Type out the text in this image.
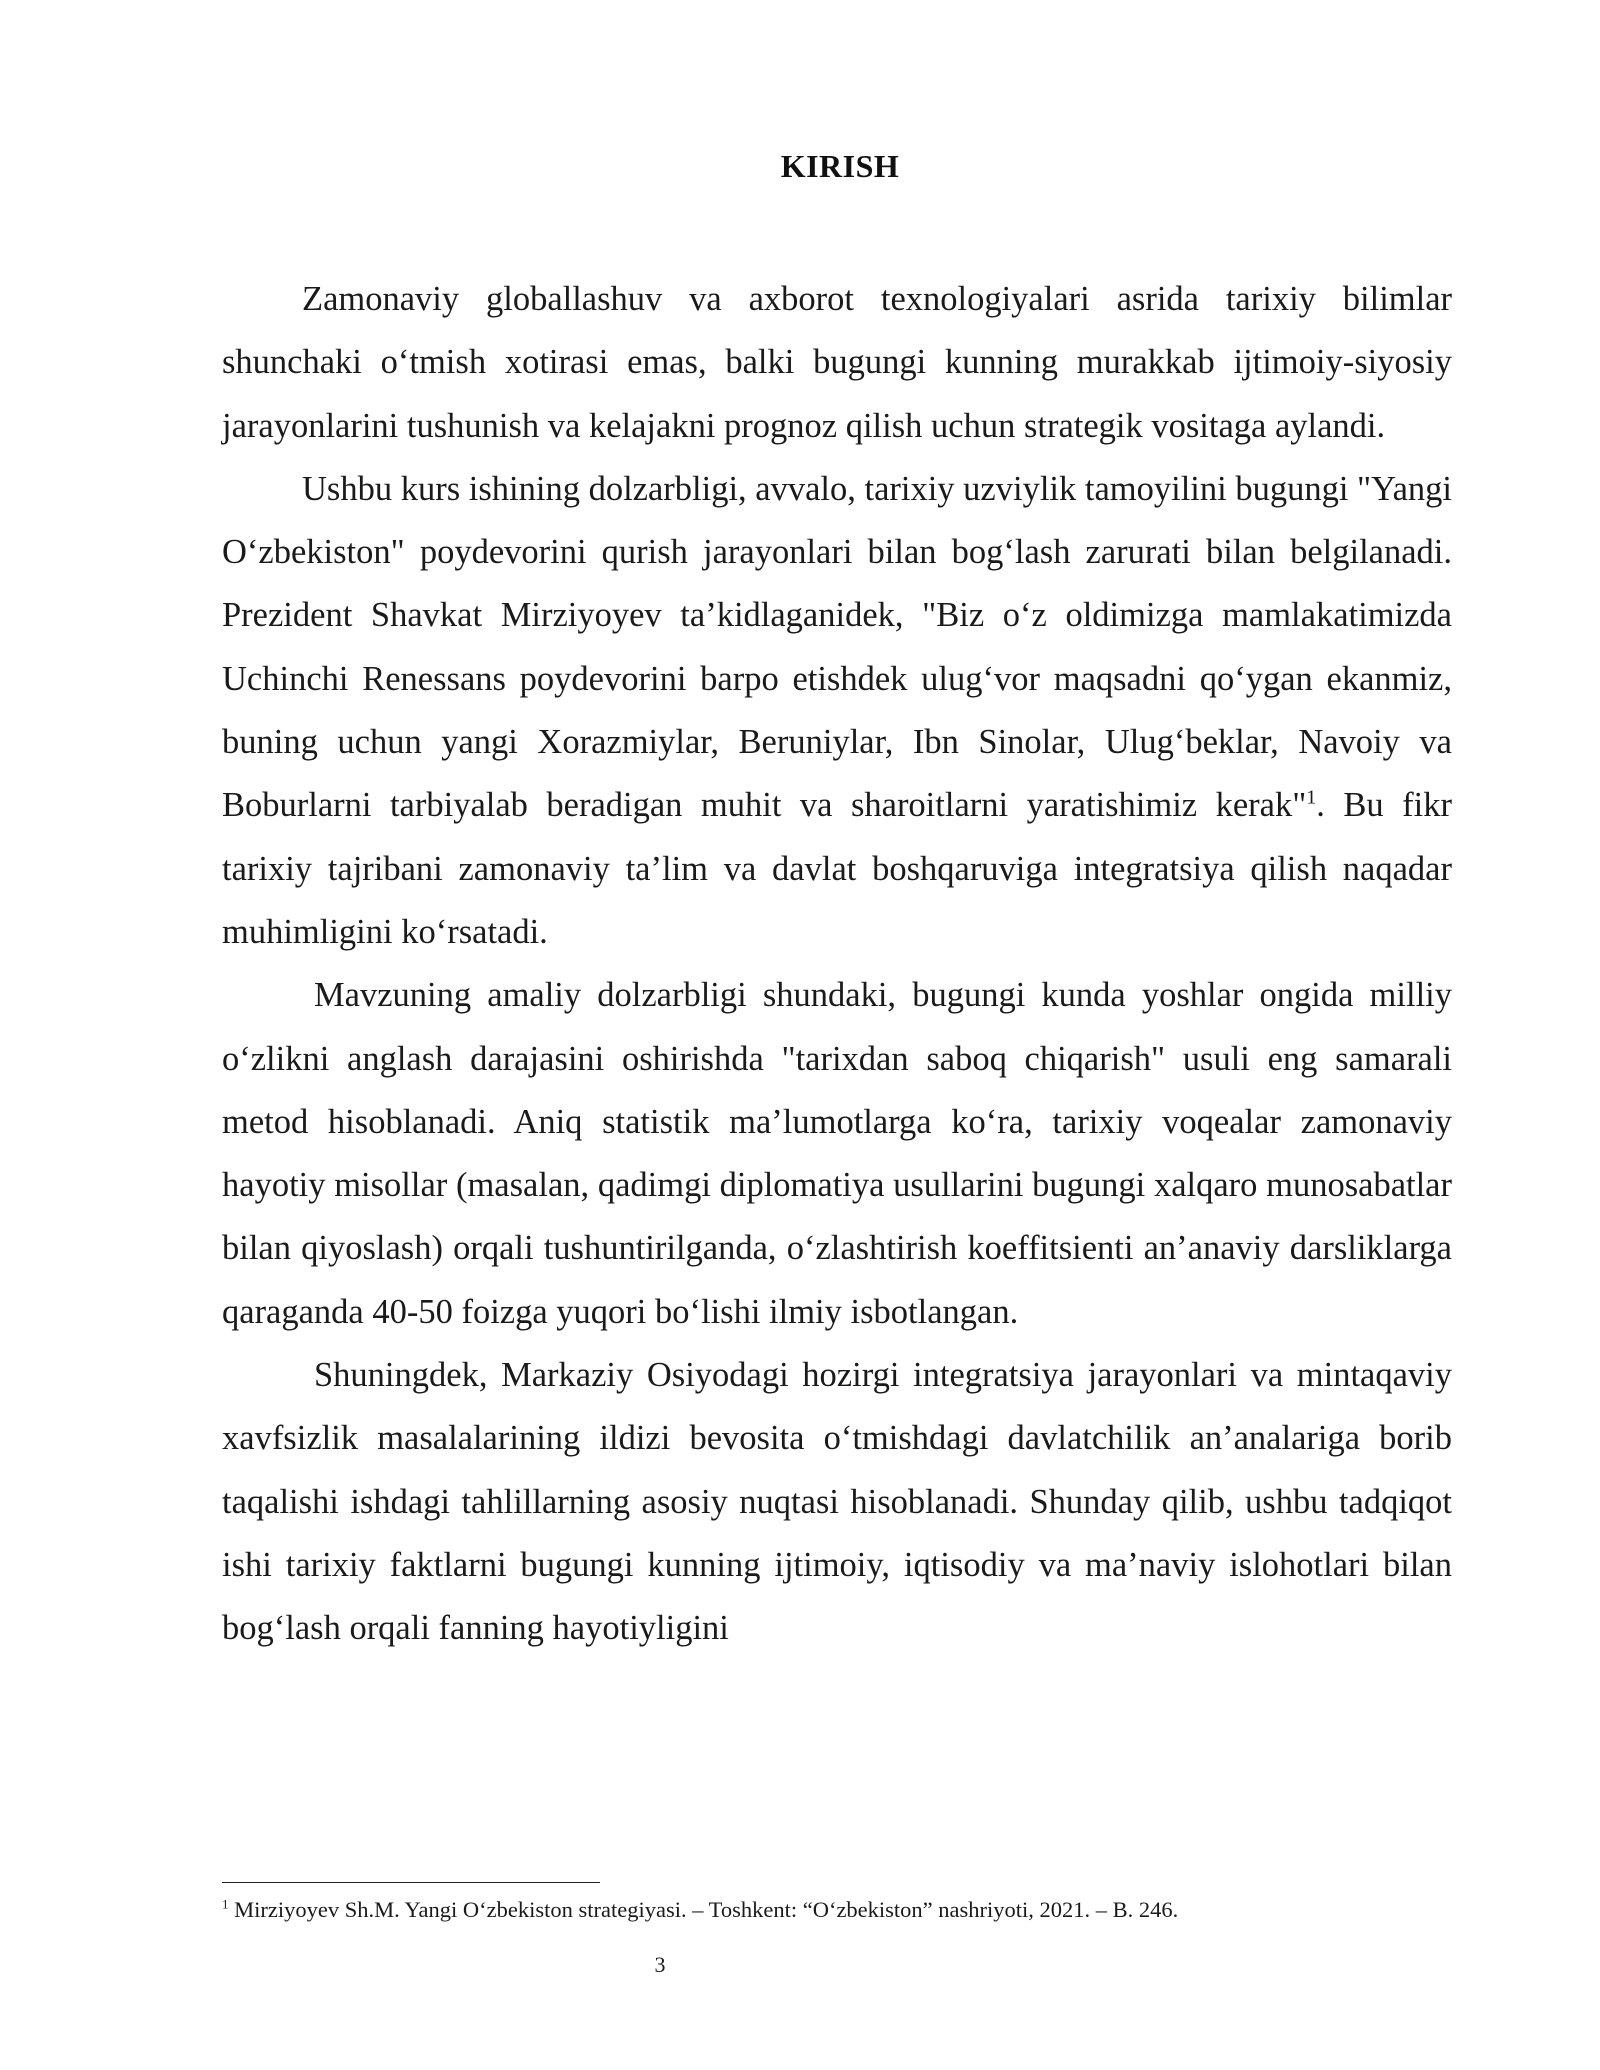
KIRISH

Zamonaviy globallashuv va axborot texnologiyalari asrida tarixiy bilimlar shunchaki o‘tmish xotirasi emas, balki bugungi kunning murakkab ijtimoiy-siyosiy jarayonlarini tushunish va kelajakni prognoz qilish uchun strategik vositaga aylandi.

Ushbu kurs ishining dolzarbligi, avvalo, tarixiy uzviylik tamoyilini bugungi "Yangi O‘zbekiston" poydevorini qurish jarayonlari bilan bog‘lash zarurati bilan belgilanadi. Prezident Shavkat Mirziyoyev ta’kidlaganidek, "Biz o‘z oldimizga mamlakatimizda Uchinchi Renessans poydevorini barpo etishdek ulug‘vor maqsadni qo‘ygan ekanmiz, buning uchun yangi Xorazmiylar, Beruniylar, Ibn Sinolar, Ulug‘beklar, Navoiy va Boburlarni tarbiyalab beradigan muhit va sharoitlarni yaratishimiz kerak"$^1$. Bu fikr tarixiy tajribani zamonaviy ta’lim va davlat boshqaruviga integratsiya qilish naqadar muhimligini ko‘rsatadi.

Mavzuning amaliy dolzarbligi shundaki, bugungi kunda yoshlar ongida milliy o‘zlikni anglash darajasini oshirishda "tarixdan saboq chiqarish" usuli eng samarali metod hisoblanadi. Aniq statistik ma’lumotlarga ko‘ra, tarixiy voqealar zamonaviy hayotiy misollar (masalan, qadimgi diplomatiya usullarini bugungi xalqaro munosabatlar bilan qiyoslash) orqali tushuntirilganda, o‘zlashtirish koeffitsienti an’anaviy darsliklarga qaraganda 40-50 foizga yuqori bo‘lishi ilmiy isbotlangan.

Shuningdek, Markaziy Osiyodagi hozirgi integratsiya jarayonlari va mintaqaviy xavfsizlik masalalarining ildizi bevosita o‘tmishdagi davlatchilik an’analariga borib taqalishi ishdagi tahlillarning asosiy nuqtasi hisoblanadi. Shunday qilib, ushbu tadqiqot ishi tarixiy faktlarni bugungi kunning ijtimoiy, iqtisodiy va ma’naviy islohotlari bilan bog‘lash orqali fanning hayotiyligini

$^1$ Mirziyoyev Sh.M. Yangi O‘zbekiston strategiyasi. – Toshkent: “O‘zbekiston” nashriyoti, 2021. – B. 246.
3
